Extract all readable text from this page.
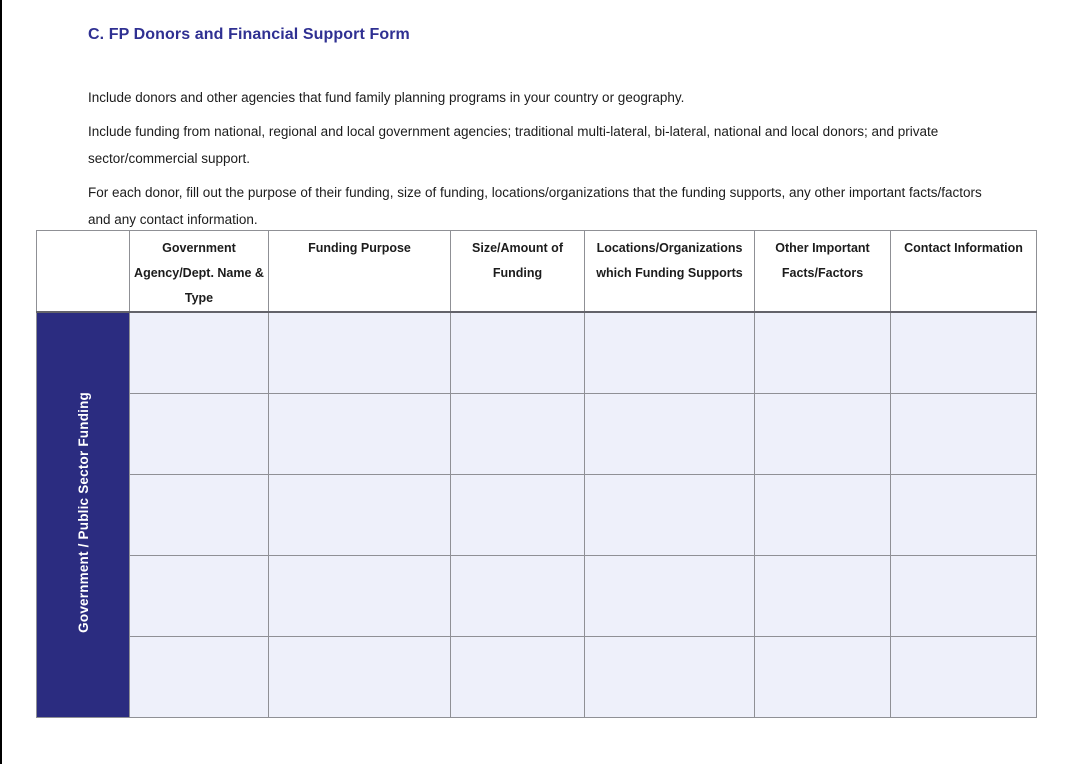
C. FP Donors and Financial Support Form

Include donors and other agencies that fund family planning programs in your country or geography.

Include funding from national, regional and local government agencies; traditional multi-lateral, bi-lateral, national and local donors; and private sector/commercial support.

For each donor, fill out the purpose of their funding, size of funding, locations/organizations that the funding supports, any other important facts/factors and any contact information.

	Government Agency/Dept. Name & Type	Funding Purpose	Size/Amount of Funding	Locations/Organizations which Funding Supports	Other Important Facts/Factors	Contact Information
Government / Public Sector Funding						
